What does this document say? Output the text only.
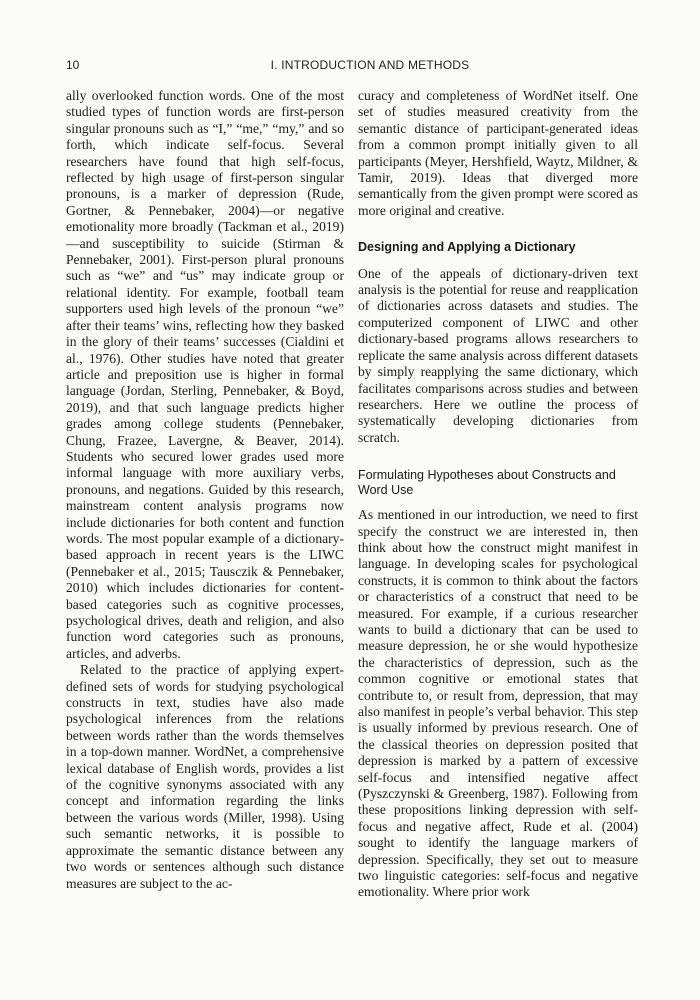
10	I. INTRODUCTION AND METHODS

ally overlooked function words. One of the most studied types of function words are first-person singular pronouns such as “I,” “me,” “my,” and so forth, which indicate self-focus. Several researchers have found that high self-focus, reflected by high usage of first-person singular pronouns, is a marker of depression (Rude, Gortner, & Pennebaker, 2004)—or negative emotionality more broadly (Tackman et al., 2019)—and susceptibility to suicide (Stirman & Pennebaker, 2001). First-person plural pronouns such as “we” and “us” may indicate group or relational identity. For example, football team supporters used high levels of the pronoun “we” after their teams’ wins, reflecting how they basked in the glory of their teams’ successes (Cialdini et al., 1976). Other studies have noted that greater article and preposition use is higher in formal language (Jordan, Sterling, Pennebaker, & Boyd, 2019), and that such language predicts higher grades among college students (Pennebaker, Chung, Frazee, Lavergne, & Beaver, 2014). Students who secured lower grades used more informal language with more auxiliary verbs, pronouns, and negations. Guided by this research, mainstream content analysis programs now include dictionaries for both content and function words. The most popular example of a dictionary-based approach in recent years is the LIWC (Pennebaker et al., 2015; Tausczik & Pennebaker, 2010) which includes dictionaries for content-based categories such as cognitive processes, psychological drives, death and religion, and also function word categories such as pronouns, articles, and adverbs.

Related to the practice of applying expert-defined sets of words for studying psychological constructs in text, studies have also made psychological inferences from the relations between words rather than the words themselves in a top-down manner. WordNet, a comprehensive lexical database of English words, provides a list of the cognitive synonyms associated with any concept and information regarding the links between the various words (Miller, 1998). Using such semantic networks, it is possible to approximate the semantic distance between any two words or sentences although such distance measures are subject to the ac-

curacy and completeness of WordNet itself. One set of studies measured creativity from the semantic distance of participant-generated ideas from a common prompt initially given to all participants (Meyer, Hershfield, Waytz, Mildner, & Tamir, 2019). Ideas that diverged more semantically from the given prompt were scored as more original and creative.

Designing and Applying a Dictionary

One of the appeals of dictionary-driven text analysis is the potential for reuse and reapplication of dictionaries across datasets and studies. The computerized component of LIWC and other dictionary-based programs allows researchers to replicate the same analysis across different datasets by simply reapplying the same dictionary, which facilitates comparisons across studies and between researchers. Here we outline the process of systematically developing dictionaries from scratch.

Formulating Hypotheses about Constructs and Word Use

As mentioned in our introduction, we need to first specify the construct we are interested in, then think about how the construct might manifest in language. In developing scales for psychological constructs, it is common to think about the factors or characteristics of a construct that need to be measured. For example, if a curious researcher wants to build a dictionary that can be used to measure depression, he or she would hypothesize the characteristics of depression, such as the common cognitive or emotional states that contribute to, or result from, depression, that may also manifest in people’s verbal behavior. This step is usually informed by previous research. One of the classical theories on depression posited that depression is marked by a pattern of excessive self-focus and intensified negative affect (Pyszczynski & Greenberg, 1987). Following from these propositions linking depression with self-focus and negative affect, Rude et al. (2004) sought to identify the language markers of depression. Specifically, they set out to measure two linguistic categories: self-focus and negative emotionality. Where prior work
